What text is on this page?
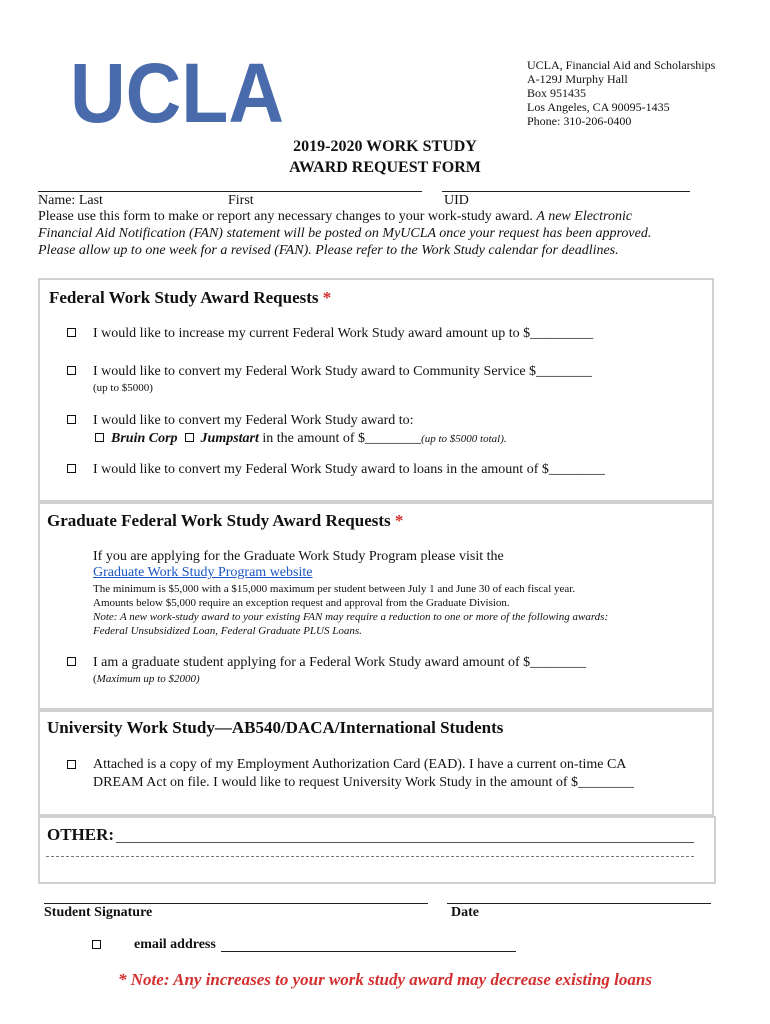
UCLA	UCLA, Financial Aid and Scholarships
A-129J Murphy Hall
Box 951435
Los Angeles, CA 90095-1435
Phone: 310-206-0400
2019-2020 WORK STUDY
AWARD REQUEST FORM
Name: Last	First	UID
Please use this form to make or report any necessary changes to your work-study award. A new Electronic
Financial Aid Notification (FAN) statement will be posted on MyUCLA once your request has been approved.
Please allow up to one week for a revised (FAN). Please refer to the Work Study calendar for deadlines.
Federal Work Study Award Requests *
I would like to increase my current Federal Work Study award amount up to $_________
I would like to convert my Federal Work Study award to Community Service $________
(up to $5000)
I would like to convert my Federal Work Study award to:
Bruin Corp Jumpstart in the amount of $________(up to $5000 total).
I would like to convert my Federal Work Study award to loans in the amount of $________
Graduate Federal Work Study Award Requests *
If you are applying for the Graduate Work Study Program please visit the
Graduate Work Study Program website
The minimum is $5,000 with a $15,000 maximum per student between July 1 and June 30 of each fiscal year.
Amounts below $5,000 require an exception request and approval from the Graduate Division.
Note: A new work-study award to your existing FAN may require a reduction to one or more of the following awards:
Federal Unsubsidized Loan, Federal Graduate PLUS Loans.
I am a graduate student applying for a Federal Work Study award amount of $________
(Maximum up to $2000)
University Work Study—AB540/DACA/International Students
Attached is a copy of my Employment Authorization Card (EAD). I have a current on-time CA
DREAM Act on file. I would like to request University Work Study in the amount of $________
OTHER:
Student Signature	Date
email address
* Note: Any increases to your work study award may decrease existing loans
